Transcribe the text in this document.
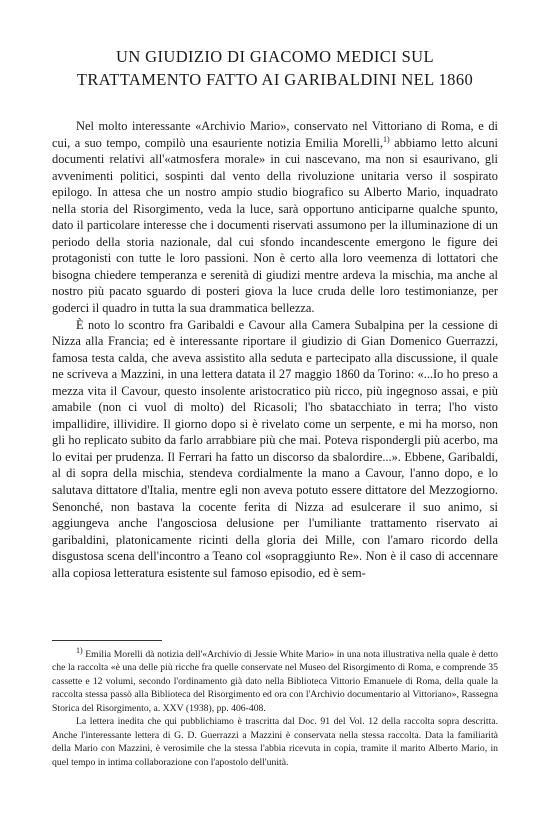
UN GIUDIZIO DI GIACOMO MEDICI SUL
TRATTAMENTO FATTO AI GARIBALDINI NEL 1860

Nel molto interessante «Archivio Mario», conservato nel Vittoriano di Roma, e di cui, a suo tempo, compilò una esauriente notizia Emilia Morelli,$^{1)}$ abbiamo letto alcuni documenti relativi all'«atmosfera morale» in cui nascevano, ma non si esaurivano, gli avvenimenti politici, sospinti dal vento della rivoluzione unitaria verso il sospirato epilogo. In attesa che un nostro ampio studio biografico su Alberto Mario, inquadrato nella storia del Risorgimento, veda la luce, sarà opportuno anticiparne qualche spunto, dato il particolare interesse che i documenti riservati assumono per la illuminazione di un periodo della storia nazionale, dal cui sfondo incandescente emergono le figure dei protagonisti con tutte le loro passioni. Non è certo alla loro veemenza di lottatori che bisogna chiedere temperanza e serenità di giudizi mentre ardeva la mischia, ma anche al nostro più pacato sguardo di posteri giova la luce cruda delle loro testimonianze, per goderci il quadro in tutta la sua drammatica bellezza.

È noto lo scontro fra Garibaldi e Cavour alla Camera Subalpina per la cessione di Nizza alla Francia; ed è interessante riportare il giudizio di Gian Domenico Guerrazzi, famosa testa calda, che aveva assistito alla seduta e partecipato alla discussione, il quale ne scriveva a Mazzini, in una lettera datata il 27 maggio 1860 da Torino: «...Io ho preso a mezza vita il Cavour, questo insolente aristocratico più ricco, più ingegnoso assai, e più amabile (non ci vuol di molto) del Ricasoli; l'ho sbatacchiato in terra; l'ho visto impallidire, illividire. Il giorno dopo si è rivelato come un serpente, e mi ha morso, non gli ho replicato subito da farlo arrabbiare più che mai. Poteva rispondergli più acerbo, ma lo evitai per prudenza. Il Ferrari ha fatto un discorso da sbalordire...». Ebbene, Garibaldi, al di sopra della mischia, stendeva cordialmente la mano a Cavour, l'anno dopo, e lo salutava dittatore d'Italia, mentre egli non aveva potuto essere dittatore del Mezzogiorno. Senonché, non bastava la cocente ferita di Nizza ad esulcerare il suo animo, si aggiungeva anche l'angosciosa delusione per l'umiliante trattamento riservato ai garibaldini, platonicamente ricinti della gloria dei Mille, con l'amaro ricordo della disgustosa scena dell'incontro a Teano col «sopraggiunto Re». Non è il caso di accennare alla copiosa letteratura esistente sul famoso episodio, ed è sem-

$^{1)}$ Emilia Morelli dà notizia dell'«Archivio di Jessie White Mario» in una nota illustrativa nella quale è detto che la raccolta «è una delle più ricche fra quelle conservate nel Museo del Risorgimento di Roma, e comprende 35 cassette e 12 volumi, secondo l'ordinamento già dato nella Biblioteca Vittorio Emanuele di Roma, della quale la raccolta stessa passò alla Biblioteca del Risorgimento ed ora con l'Archivio documentario al Vittoriano», Rassegna Storica del Risorgimento, a. XXV (1938), pp. 406-408.

La lettera inedita che qui pubblichiamo è trascritta dal Doc. 91 del Vol. 12 della raccolta sopra descritta. Anche l'interessante lettera di G. D. Guerrazzi a Mazzini è conservata nella stessa raccolta. Data la familiarità della Mario con Mazzini, è verosimile che la stessa l'abbia ricevuta in copia, tramite il marito Alberto Mario, in quel tempo in intima collaborazione con l'apostolo dell'unità.
